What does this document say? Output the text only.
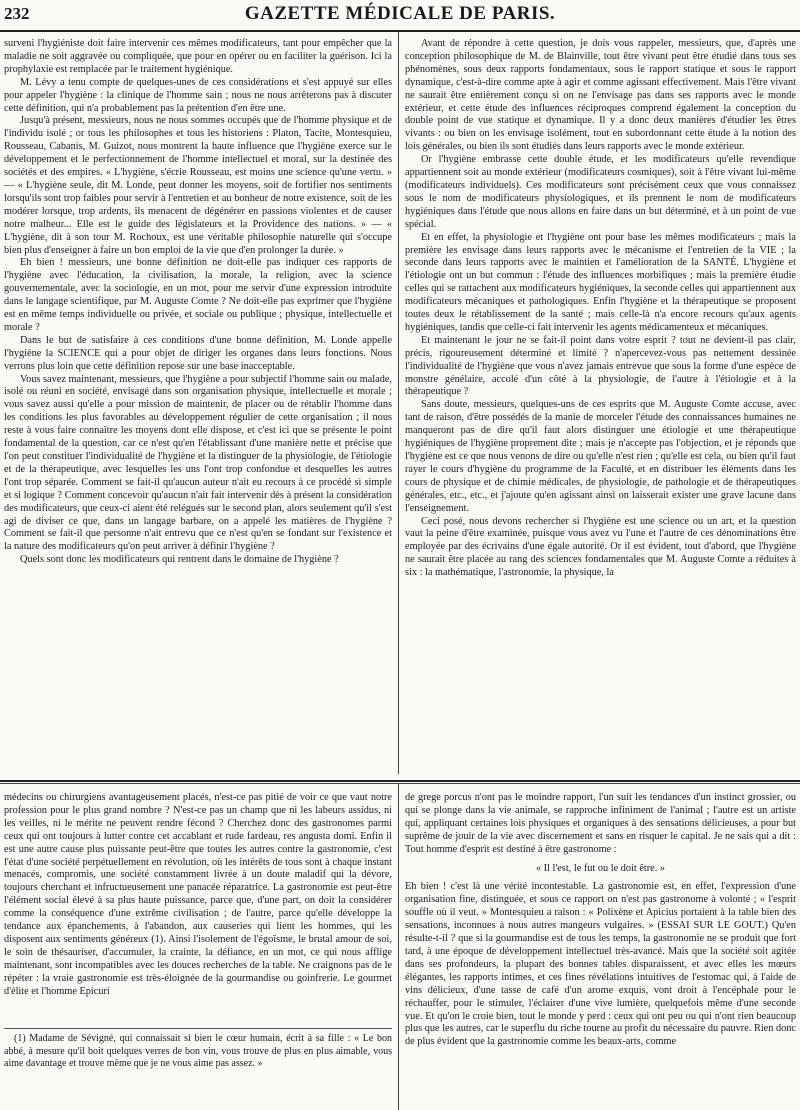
232	GAZETTE MÉDICALE DE PARIS.

surveni l'hygiéniste doit faire intervenir ces mêmes modificateurs, tant pour empêcher que la maladie ne soit aggravée ou compliquée, que pour en opérer ou en faciliter la guérison. Ici la prophylaxie est remplacée par le traitement hygiénique.

M. Lévy a tenu compte de quelques-unes de ces considérations et s'est appuyé sur elles pour appeler l'hygiène : la clinique de l'homme sain ; nous ne nous arrêterons pas à discuter cette définition, qui n'a probablement pas la prétention d'en être une.

Jusqu'à présent, messieurs, nous ne nous sommes occupés que de l'homme physique et de l'individu isolé ; or tous les philosophes et tous les historiens : Platon, Tacite, Montesquieu, Rousseau, Cabanis, M. Guizot, nous montrent la haute influence que l'hygiène exerce sur le développement et le perfectionnement de l'homme intellectuel et moral, sur la destinée des sociétés et des empires. « L'hygiène, s'écrie Rousseau, est moins une science qu'une vertu. » — « L'hygiène seule, dit M. Londe, peut donner les moyens, soit de fortifier nos sentiments lorsqu'ils sont trop faibles pour servir à l'entretien et au bonheur de notre existence, soit de les modérer lorsque, trop ardents, ils menacent de dégénérer en passions violentes et de causer notre malheur... Elle est le guide des législateurs et la Providence des nations. » — « L'hygiène, dit à son tour M. Rochoux, est une véritable philosophie naturelle qui s'occupe bien plus d'enseigner à faire un bon emploi de la vie que d'en prolonger la durée. »

Eh bien ! messieurs, une bonne définition ne doit-elle pas indiquer ces rapports de l'hygiène avec l'éducation, la civilisation, la morale, la religion, avec la science gouvernementale, avec la sociologie, en un mot, pour me servir d'une expression introduite dans le langage scientifique, par M. Auguste Comte ? Ne doit-elle pas exprimer que l'hygiène est en même temps individuelle ou privée, et sociale ou publique ; physique, intellectuelle et morale ?

Dans le but de satisfaire à ces conditions d'une bonne définition, M. Londe appelle l'hygiène la SCIENCE qui a pour objet de diriger les organes dans leurs fonctions. Nous verrons plus loin que cette définition repose sur une base inacceptable.

Vous savez maintenant, messieurs, que l'hygiène a pour subjectif l'homme sain ou malade, isolé ou réuni en société, envisagé dans son organisation physique, intellectuelle et morale ; vous savez aussi qu'elle a pour mission de maintenir, de placer ou de rétablir l'homme dans les conditions les plus favorables au développement régulier de cette organisation ; il nous reste à vous faire connaître les moyens dont elle dispose, et c'est ici que se présente le point fondamental de la question, car ce n'est qu'en l'établissant d'une manière nette et précise que l'on peut constituer l'individualité de l'hygiène et la distinguer de la physiologie, de l'étiologie et de la thérapeutique, avec lesquelles les uns l'ont trop confondue et desquelles les autres l'ont trop séparée. Comment se fait-il qu'aucun auteur n'ait eu recours à ce procédé si simple et si logique ? Comment concevoir qu'aucun n'ait fait intervenir dès à présent la considération des modificateurs, que ceux-ci aient été relégués sur le second plan, alors seulement qu'il s'est agi de diviser ce que, dans un langage barbare, on a appelé les matières de l'hygiène ? Comment se fait-il que personne n'ait entrevu que ce n'est qu'en se fondant sur l'existence et la nature des modificateurs qu'on peut arriver à définir l'hygiène ?

Quels sont donc les modificateurs qui rentrent dans le domaine de l'hygiène ?

Avant de répondre à cette question, je dois vous rappeler, messieurs, que, d'après une conception philosophique de M. de Blainville, tout être vivant peut être étudié dans tous ses phénomènes, sous deux rapports fondamentaux, sous le rapport statique et sous le rapport dynamique, c'est-à-dire comme apte à agir et comme agissant effectivement. Mais l'être vivant ne saurait être entièrement conçu si on ne l'envisage pas dans ses rapports avec le monde extérieur, et cette étude des influences réciproques comprend également la conception du double point de vue statique et dynamique. Il y a donc deux manières d'étudier les êtres vivants : ou bien on les envisage isolément, tout en subordonnant cette étude à la notion des lois générales, ou bien ils sont étudiés dans leurs rapports avec le monde extérieur.

Or l'hygiène embrasse cette double étude, et les modificateurs qu'elle revendique appartiennent soit au monde extérieur (modificateurs cosmiques), soit à l'être vivant lui-même (modificateurs individuels). Ces modificateurs sont précisément ceux que vous connaissez sous le nom de modificateurs physiologiques, et ils prennent le nom de modificateurs hygiéniques dans l'étude que nous allons en faire dans un but déterminé, et à un point de vue spécial.

Et en effet, la physiologie et l'hygiène ont pour base les mêmes modificateurs ; mais la première les envisage dans leurs rapports avec le mécanisme et l'entretien de la VIE ; la seconde dans leurs rapports avec le maintien et l'amélioration de la SANTÉ. L'hygiène et l'étiologie ont un but commun : l'étude des influences morbifiques ; mais la première étudie celles qui se rattachent aux modificateurs hygiéniques, la seconde celles qui appartiennent aux modificateurs mécaniques et pathologiques. Enfin l'hygiène et la thérapeutique se proposent toutes deux le rétablissement de la santé ; mais celle-là n'a encore recours qu'aux agents hygiéniques, tandis que celle-ci fait intervenir les agents médicamenteux et mécaniques.

Et maintenant le jour ne se fait-il point dans votre esprit ? tout ne devient-il pas clair, précis, rigoureusement déterminé et limité ? n'apercevez-vous pas nettement dessinée l'individualité de l'hygiène que vous n'avez jamais entrevue que sous la forme d'une espèce de monstre génélaire, accolé d'un côté à la physiologie, de l'autre à l'étiologie et à la thérapeutique ?

Sans doute, messieurs, quelques-uns de ces esprits que M. Auguste Comte accuse, avec tant de raison, d'être possédés de la manie de morceler l'étude des connaissances humaines ne manqueront pas de dire qu'il faut alors distinguer une étiologie et une thérapeutique hygiéniques de l'hygiène proprement dite ; mais je n'accepte pas l'objection, et je réponds que l'hygiène est ce que nous venons de dire ou qu'elle n'est rien ; qu'elle est cela, ou bien qu'il faut rayer le cours d'hygiène du programme de la Faculté, et en distribuer les éléments dans les cours de physique et de chimie médicales, de physiologie, de pathologie et de thérapeutiques générales, etc., etc., et j'ajoute qu'en agissant ainsi on laisserait exister une grave lacune dans l'enseignement.

Ceci posé, nous devons rechercher si l'hygiène est une science ou un art, et la question vaut la peine d'être examinée, puisque vous avez vu l'une et l'autre de ces dénominations être employée par des écrivains d'une égale autorité. Or il est évident, tout d'abord, que l'hygiène ne saurait être placée au rang des sciences fondamentales que M. Auguste Comte a réduites à six : la mathématique, l'astronomie, la physique, la

médecins ou chirurgiens avantageusement placés, n'est-ce pas pitié de voir ce que vaut notre profession pour le plus grand nombre ? N'est-ce pas un champ que ni les labeurs assidus, ni les veilles, ni le mérite ne peuvent rendre fécond ? Cherchez donc des gastronomes parmi ceux qui ont toujours à lutter contre cet accablant et rude fardeau, res angusta domi. Enfin il est une autre cause plus puissante peut-être que toutes les autres contre la gastronomie, c'est l'état d'une société perpétuellement en révolution, où les intérêts de tous sont à chaque instant menacés, compromis, une société constamment livrée à un doute maladif qui la dévore, toujours cherchant et infructueusement une panacée réparatrice. La gastronomie est peut-être l'élément social élevé à sa plus haute puissance, parce que, d'une part, on doit la considérer comme la conséquence d'une extrême civilisation ; de l'autre, parce qu'elle développe la tendance aux épanchements, à l'abandon, aux causeries qui lient les hommes, qui les disposent aux sentiments généreux (1). Ainsi l'isolement de l'égoïsme, le brutal amour de soi, le soin de thésauriser, d'accumuler, la crainte, la défiance, en un mot, ce qui nous afflige maintenant, sont incompatibles avec les douces recherches de la table. Ne craignons pas de le répéter : la vraie gastronomie est très-éloignée de la gourmandise ou goinfrerie. Le gourmet d'élite et l'homme Epicuri

(1) Madame de Sévigné, qui connaissait si bien le cœur humain, écrit à sa fille : « Le bon abbé, à mesure qu'il boit quelques verres de bon vin, vous trouve de plus en plus aimable, vous aime davantage et trouve même que je ne vous aime pas assez. »

de grege porcus n'ont pas le moindre rapport, l'un suit les tendances d'un instinct grossier, ou qui se plonge dans la vie animale, se rapproche infiniment de l'animal ; l'autre est un artiste qui, appliquant certaines lois physiques et organiques à des sensations délicieuses, a pour but suprême de jouir de la vie avec discernement et sans en risquer le capital. Je ne sais qui a dit : Tout homme d'esprit est destiné à être gastronome :

« Il l'est, le fut ou le doit être. »

Eh bien ! c'est là une vérité incontestable. La gastronomie est, en effet, l'expression d'une organisation fine, distinguée, et sous ce rapport on n'est pas gastronome à volonté ; « l'esprit souffle où il veut. » Montesquieu a raison : « Polixène et Apicius portaient à la table bien des sensations, inconnues à nous autres mangeurs vulgaires. » (ESSAI SUR LE GOUT.) Qu'en résulte-t-il ? que si la gourmandise est de tous les temps, la gastronomie ne se produit que fort tard, à une époque de développement intellectuel très-avancé. Mais que la société soit agitée dans ses profondeurs, la plupart des bonnes tables disparaissent, et avec elles les mœurs élégantes, les rapports intimes, et ces fines révélations intuitives de l'estomac qui, à l'aide de vins délicieux, d'une tasse de café d'un arome exquis, vont droit à l'encéphale pour le réchauffer, pour le stimuler, l'éclairer d'une vive lumière, quelquefois même d'une seconde vue. Et qu'on le croie bien, tout le monde y perd : ceux qui ont peu ou qui n'ont rien beaucoup plus que les autres, car le superflu du riche tourne au profit du nécessaire du pauvre. Rien donc de plus évident que la gastronomie comme les beaux-arts, comme
